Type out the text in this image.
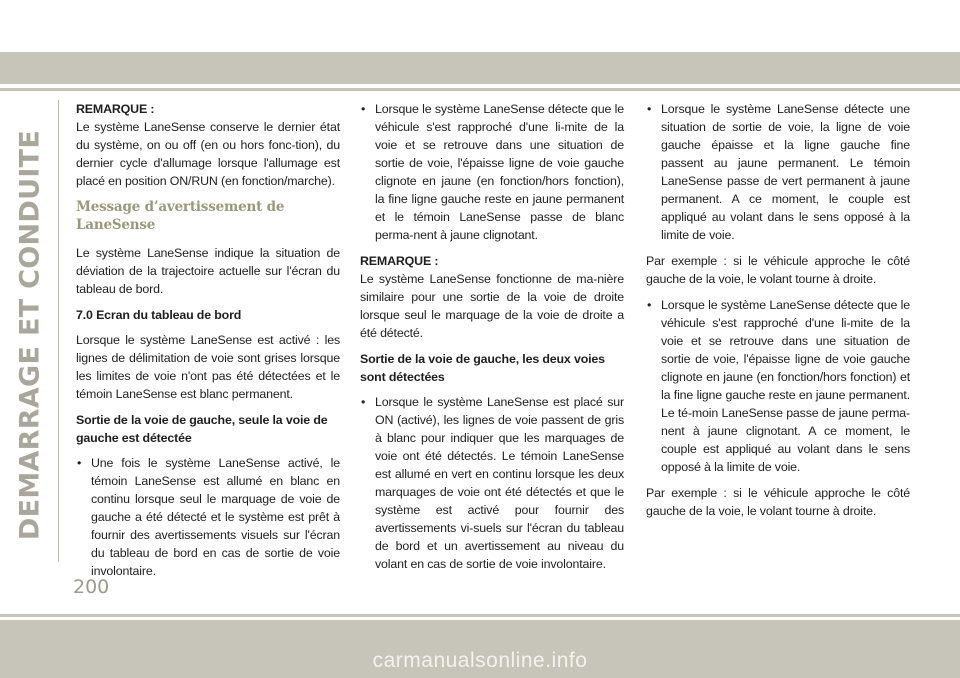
DEMARRAGE ET CONDUITE

REMARQUE :

Le système LaneSense conserve le dernier état du système, on ou off (en ou hors fonc-tion), du dernier cycle d'allumage lorsque l'allumage est placé en position ON/RUN (en fonction/marche).

Message d’avertissement de LaneSense

Le système LaneSense indique la situation de déviation de la trajectoire actuelle sur l'écran du tableau de bord.

7.0 Ecran du tableau de bord

Lorsque le système LaneSense est activé : les lignes de délimitation de voie sont grises lorsque les limites de voie n'ont pas été détectées et le témoin LaneSense est blanc permanent.

Sortie de la voie de gauche, seule la voie de gauche est détectée

• Une fois le système LaneSense activé, le témoin LaneSense est allumé en blanc en continu lorsque seul le marquage de voie de gauche a été détecté et le système est prêt à fournir des avertissements visuels sur l'écran du tableau de bord en cas de sortie de voie involontaire.

• Lorsque le système LaneSense détecte que le véhicule s'est rapproché d'une li-mite de la voie et se retrouve dans une situation de sortie de voie, l'épaisse ligne de voie gauche clignote en jaune (en fonction/hors fonction), la fine ligne gauche reste en jaune permanent et le témoin LaneSense passe de blanc perma-nent à jaune clignotant.

REMARQUE :

Le système LaneSense fonctionne de ma-nière similaire pour une sortie de la voie de droite lorsque seul le marquage de la voie de droite a été détecté.

Sortie de la voie de gauche, les deux voies sont détectées

• Lorsque le système LaneSense est placé sur ON (activé), les lignes de voie passent de gris à blanc pour indiquer que les marquages de voie ont été détectés. Le témoin LaneSense est allumé en vert en continu lorsque les deux marquages de voie ont été détectés et que le système est activé pour fournir des avertissements vi-suels sur l'écran du tableau de bord et un avertissement au niveau du volant en cas de sortie de voie involontaire.

• Lorsque le système LaneSense détecte une situation de sortie de voie, la ligne de voie gauche épaisse et la ligne gauche fine passent au jaune permanent. Le témoin LaneSense passe de vert permanent à jaune permanent. A ce moment, le couple est appliqué au volant dans le sens opposé à la limite de voie.

Par exemple : si le véhicule approche le côté gauche de la voie, le volant tourne à droite.

• Lorsque le système LaneSense détecte que le véhicule s'est rapproché d'une li-mite de la voie et se retrouve dans une situation de sortie de voie, l'épaisse ligne de voie gauche clignote en jaune (en fonction/hors fonction) et la fine ligne gauche reste en jaune permanent. Le té-moin LaneSense passe de jaune perma-nent à jaune clignotant. A ce moment, le couple est appliqué au volant dans le sens opposé à la limite de voie.

Par exemple : si le véhicule approche le côté gauche de la voie, le volant tourne à droite.

200
carmanualsonline.info
